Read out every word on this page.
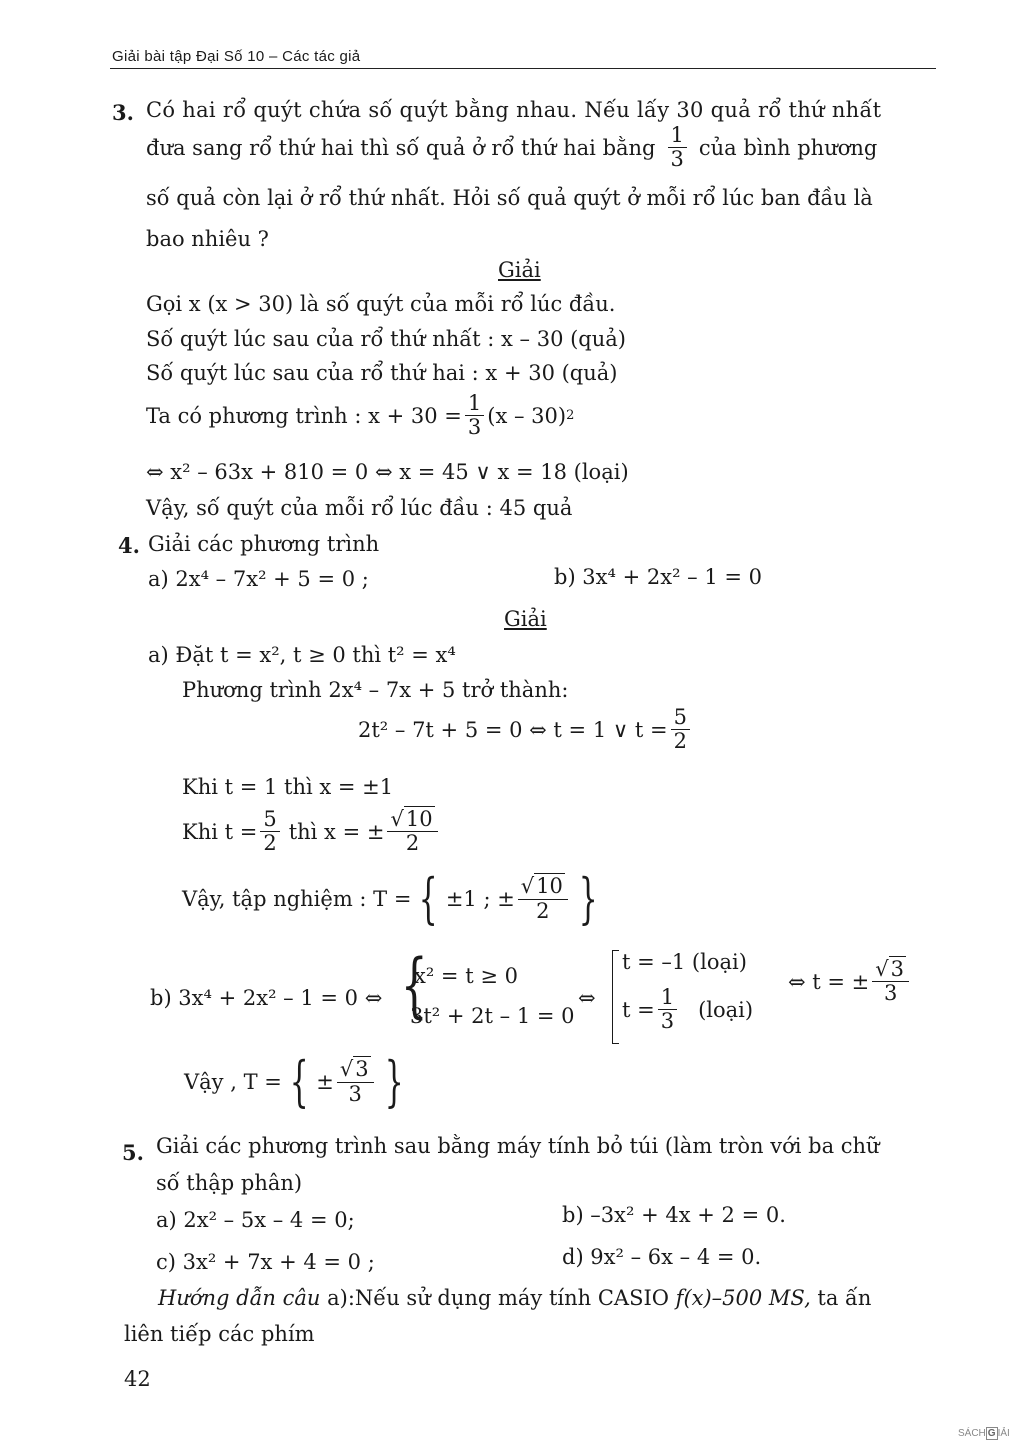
Giải bài tập Đại Số 10 – Các tác giả
3. Có hai rổ quýt chứa số quýt bằng nhau. Nếu lấy 30 quả rổ thứ nhất
đưa sang rổ thứ hai thì số quả ở rổ thứ hai bằng $\frac{1}{3}$ của bình phương
số quả còn lại ở rổ thứ nhất. Hỏi số quả quýt ở mỗi rổ lúc ban đầu là
bao nhiêu ?
Giải
Gọi x (x > 30) là số quýt của mỗi rổ lúc đầu.
Số quýt lúc sau của rổ thứ nhất : x – 30 (quả)
Số quýt lúc sau của rổ thứ hai : x + 30 (quả)
Ta có phương trình : $x + 30 = \frac{1}{3} (x - 30)$ 2
⇔ x² – 63x + 810 = 0 ⇔ x = 45 ∨ x = 18 (loại)
Vậy, số quýt của mỗi rổ lúc đầu : 45 quả
4. Giải các phương trình
a) 2x⁴ – 7x² + 5 = 0 ;	b) 3x⁴ + 2x² – 1 = 0
Giải
a) Đặt t = x², t ≥ 0 thì t² = x⁴
Phương trình 2x⁴ – 7x + 5 trở thành:
2t² – 7t + 5 = 0 ⇔ t = 1 ∨ $t = \frac{5}{2}$
Khi t = 1 thì x = ±1
Khi $t = \frac{5}{2}$ thì x = ± $\frac{√10}{2}$
Vậy, tập nghiệm : T = { ±1 ; ± $\frac{√10}{2}$ }
b) 3x⁴ + 2x² – 1 = 0 ⇔ {
x² = t ≥ 0
3t² + 2t – 1 = 0
⇔
t = –1 (loại)
$t = \frac{1}{3}$ (loại)
⇔ t = ± $\frac{√3}{3}$
Vậy , T = { ± $\frac{√3}{3}$ }
5. Giải các phương trình sau bằng máy tính bỏ túi (làm tròn với ba chữ
số thập phân)
a) 2x² – 5x – 4 = 0;	b) –3x² + 4x + 2 = 0.
c) 3x² + 7x + 4 = 0 ;	d) 9x² – 6x – 4 = 0.
Hướng dẫn câu a):Nếu sử dụng máy tính CASIO f(x)–500 MS, ta ấn
liên tiếp các phím
42
SÁCH G IẢI
